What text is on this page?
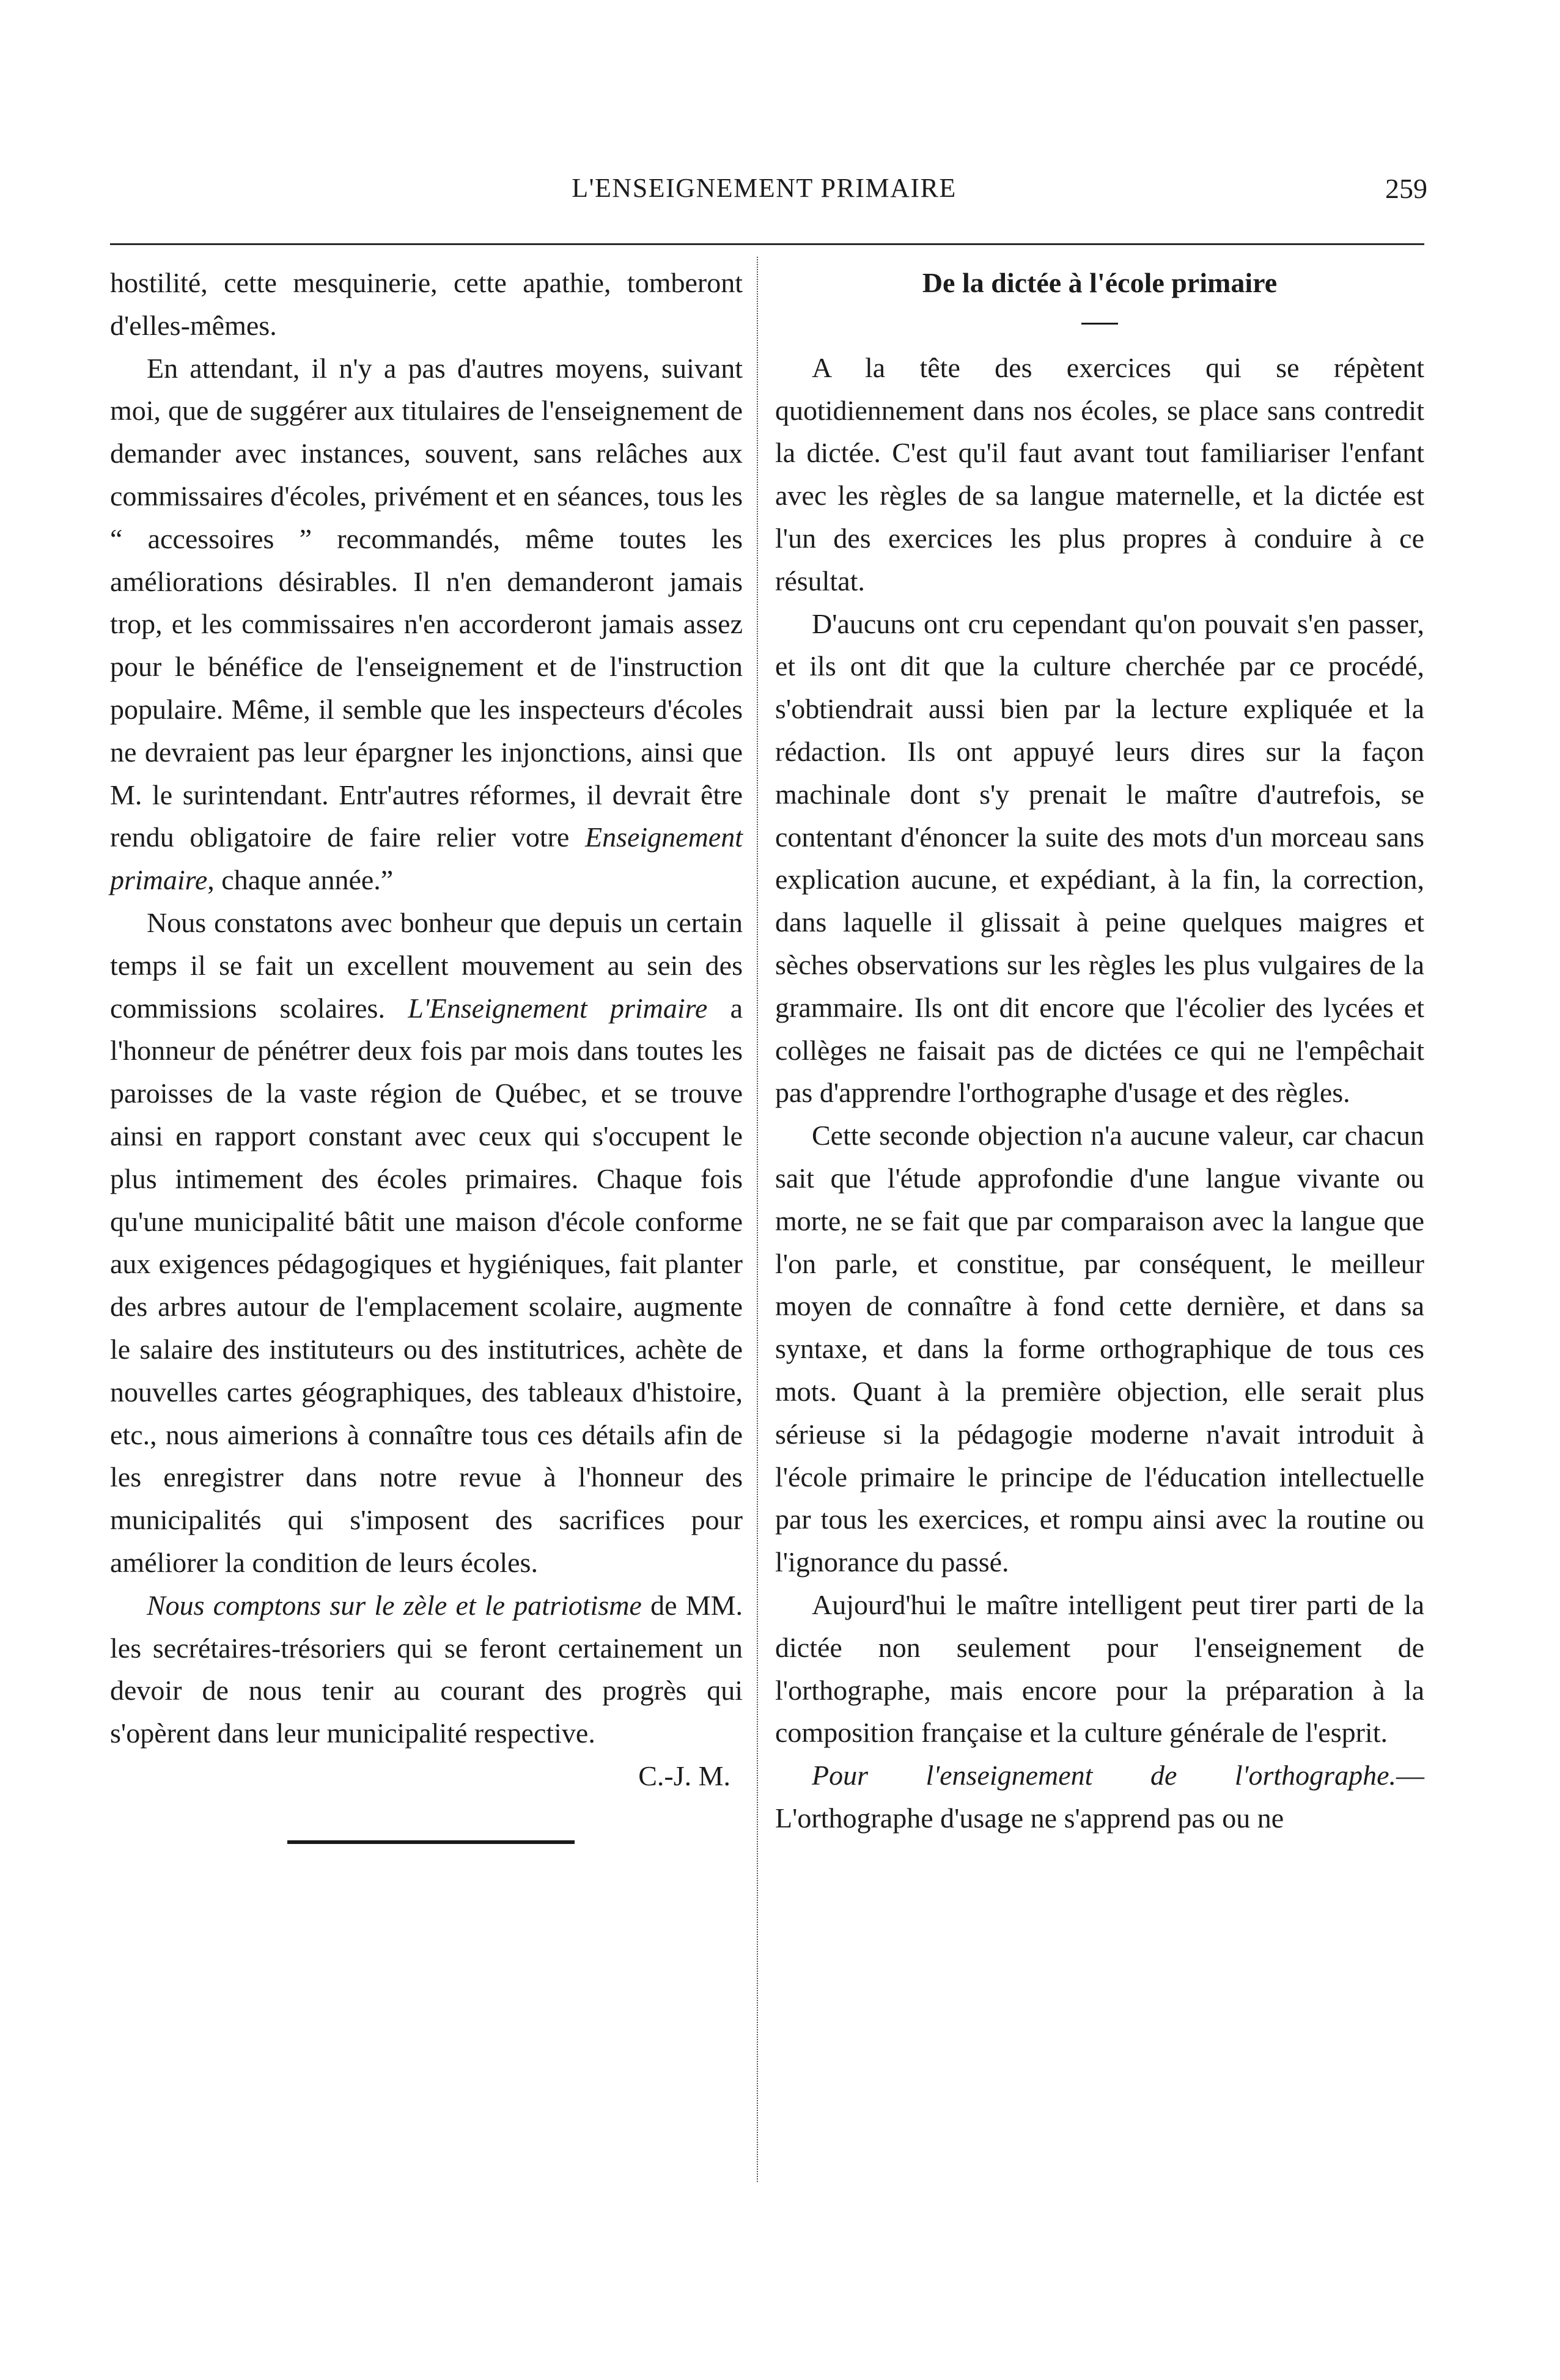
L'ENSEIGNEMENT PRIMAIRE	259

hostilité, cette mesquinerie, cette apathie, tomberont d'elles-mêmes.

En attendant, il n'y a pas d'autres moyens, suivant moi, que de suggérer aux titulaires de l'enseignement de demander avec instances, souvent, sans relâches aux commissaires d'écoles, privément et en séances, tous les “ accessoires ” recommandés, même toutes les améliorations désirables. Il n'en demanderont jamais trop, et les commissaires n'en accorderont jamais assez pour le bénéfice de l'enseignement et de l'instruction populaire. Même, il semble que les inspecteurs d'écoles ne devraient pas leur épargner les injonctions, ainsi que M. le surintendant. Entr'autres réformes, il devrait être rendu obligatoire de faire relier votre Enseignement primaire, chaque année.”

Nous constatons avec bonheur que depuis un certain temps il se fait un excellent mouvement au sein des commissions scolaires. L'Enseignement primaire a l'honneur de pénétrer deux fois par mois dans toutes les paroisses de la vaste région de Québec, et se trouve ainsi en rapport constant avec ceux qui s'occupent le plus intimement des écoles primaires. Chaque fois qu'une municipalité bâtit une maison d'école conforme aux exigences pédagogiques et hygiéniques, fait planter des arbres autour de l'emplacement scolaire, augmente le salaire des instituteurs ou des institutrices, achète de nouvelles cartes géographiques, des tableaux d'histoire, etc., nous aimerions à connaître tous ces détails afin de les enregistrer dans notre revue à l'honneur des municipalités qui s'imposent des sacrifices pour améliorer la condition de leurs écoles.

Nous comptons sur le zèle et le patriotisme de MM. les secrétaires-trésoriers qui se feront certainement un devoir de nous tenir au courant des progrès qui s'opèrent dans leur municipalité respective.

C.-J. M.

De la dictée à l'école primaire

A la tête des exercices qui se répètent quotidiennement dans nos écoles, se place sans contredit la dictée. C'est qu'il faut avant tout familiariser l'enfant avec les règles de sa langue maternelle, et la dictée est l'un des exercices les plus propres à conduire à ce résultat.

D'aucuns ont cru cependant qu'on pouvait s'en passer, et ils ont dit que la culture cherchée par ce procédé, s'obtiendrait aussi bien par la lecture expliquée et la rédaction. Ils ont appuyé leurs dires sur la façon machinale dont s'y prenait le maître d'autrefois, se contentant d'énoncer la suite des mots d'un morceau sans explication aucune, et expédiant, à la fin, la correction, dans laquelle il glissait à peine quelques maigres et sèches observations sur les règles les plus vulgaires de la grammaire. Ils ont dit encore que l'écolier des lycées et collèges ne faisait pas de dictées ce qui ne l'empêchait pas d'apprendre l'orthographe d'usage et des règles.

Cette seconde objection n'a aucune valeur, car chacun sait que l'étude approfondie d'une langue vivante ou morte, ne se fait que par comparaison avec la langue que l'on parle, et constitue, par conséquent, le meilleur moyen de connaître à fond cette dernière, et dans sa syntaxe, et dans la forme orthographique de tous ces mots. Quant à la première objection, elle serait plus sérieuse si la pédagogie moderne n'avait introduit à l'école primaire le principe de l'éducation intellectuelle par tous les exercices, et rompu ainsi avec la routine ou l'ignorance du passé.

Aujourd'hui le maître intelligent peut tirer parti de la dictée non seulement pour l'enseignement de l'orthographe, mais encore pour la préparation à la composition française et la culture générale de l'esprit.

Pour l'enseignement de l'orthographe.— L'orthographe d'usage ne s'apprend pas ou ne
